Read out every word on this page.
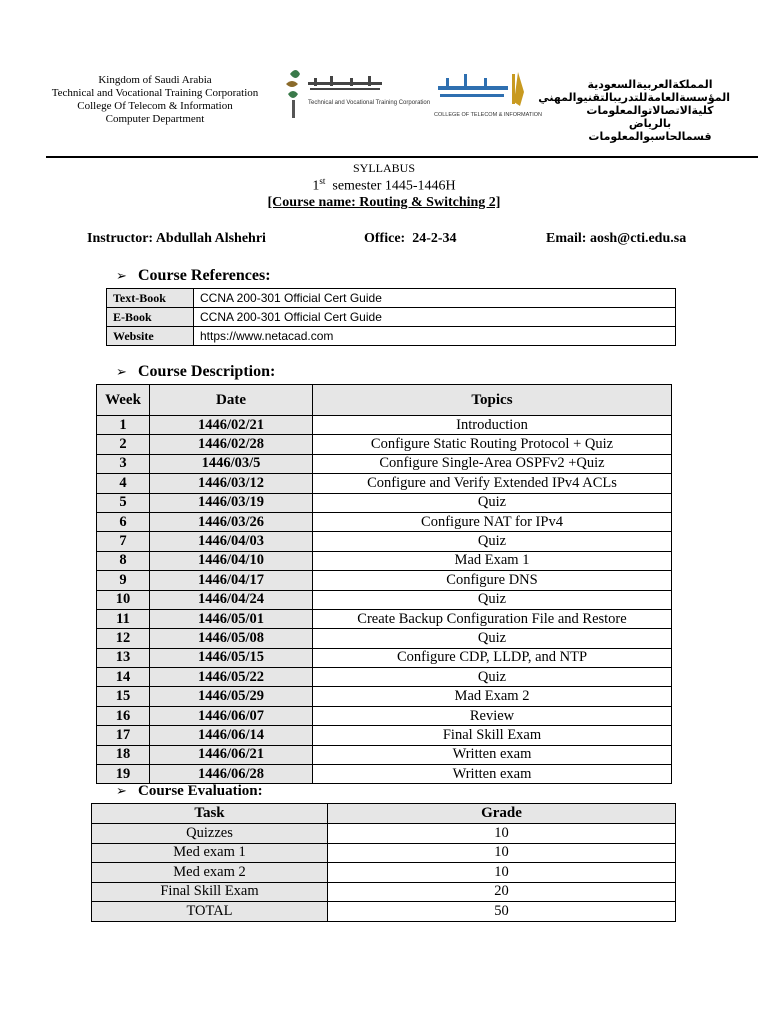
Kingdom of Saudi Arabia
Technical and Vocational Training Corporation
College Of Telecom & Information
Computer Department
Technical and Vocational Training Corporation
COLLEGE OF TELECOM & INFORMATION
المملكةالعربيةالسعودية
المؤسسةالعامةللتدريبالتقنيوالمهني
كليةالاتصالاتوالمعلومات بالرياض
قسمالحاسبوالمعلومات
SYLLABUS
1st  semester 1445-1446H
[Course name: Routing & Switching 2]
Instructor: Abdullah Alshehri	Office:  24-2-34	Email: aosh@cti.edu.sa
➢ Course References:
Text-Book	CCNA 200-301 Official Cert Guide
E-Book	CCNA 200-301 Official Cert Guide
Website	https://www.netacad.com
➢ Course Description:
Week	Date	Topics
1	1446/02/21	Introduction
2	1446/02/28	Configure Static Routing Protocol + Quiz
3	1446/03/5	Configure Single-Area OSPFv2 +Quiz
4	1446/03/12	Configure and Verify Extended IPv4 ACLs
5	1446/03/19	Quiz
6	1446/03/26	Configure NAT for IPv4
7	1446/04/03	Quiz
8	1446/04/10	Mad Exam 1
9	1446/04/17	Configure DNS
10	1446/04/24	Quiz
11	1446/05/01	Create Backup Configuration File and Restore
12	1446/05/08	Quiz
13	1446/05/15	Configure CDP, LLDP, and NTP
14	1446/05/22	Quiz
15	1446/05/29	Mad Exam 2
16	1446/06/07	Review
17	1446/06/14	Final Skill Exam
18	1446/06/21	Written exam
19	1446/06/28	Written exam
➢ Course Evaluation:
Task	Grade
Quizzes	10
Med exam 1	10
Med exam 2	10
Final Skill Exam	20
TOTAL	50
